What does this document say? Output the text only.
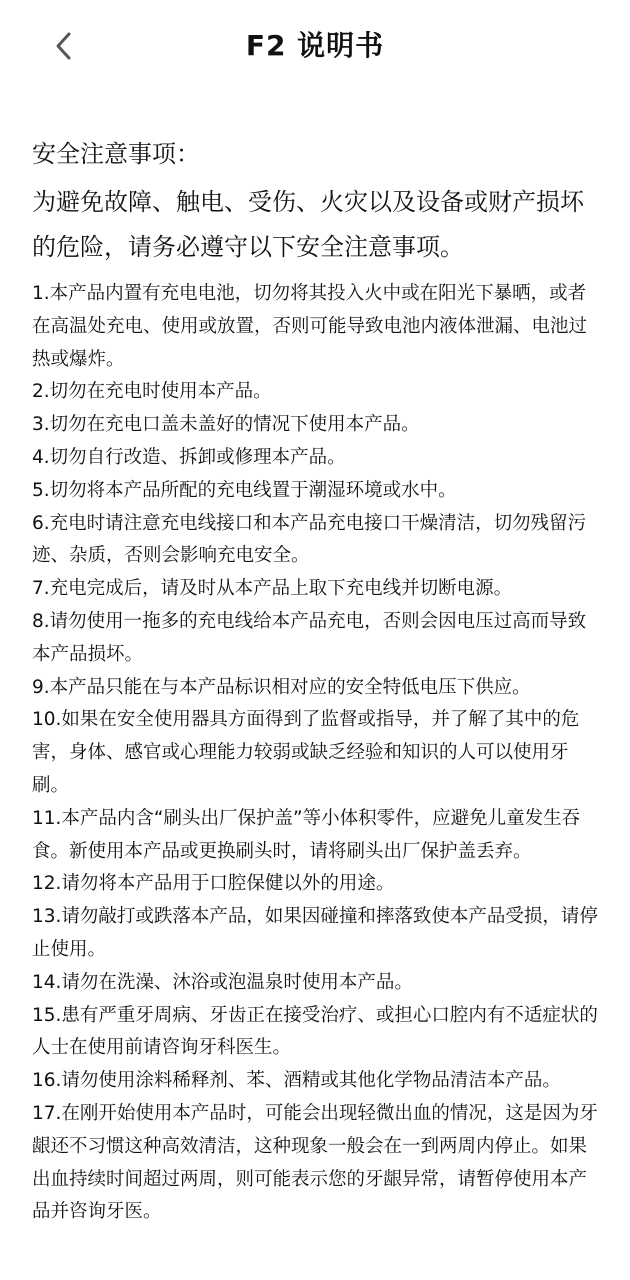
F2 说明书

安全注意事项：

为避免故障、触电、受伤、火灾以及设备或财产损坏的危险，请务必遵守以下安全注意事项。

1.本产品内置有充电电池，切勿将其投入火中或在阳光下暴晒，或者在高温处充电、使用或放置，否则可能导致电池内液体泄漏、电池过热或爆炸。

2.切勿在充电时使用本产品。

3.切勿在充电口盖未盖好的情况下使用本产品。

4.切勿自行改造、拆卸或修理本产品。

5.切勿将本产品所配的充电线置于潮湿环境或水中。

6.充电时请注意充电线接口和本产品充电接口干燥清洁，切勿残留污迹、杂质，否则会影响充电安全。

7.充电完成后，请及时从本产品上取下充电线并切断电源。

8.请勿使用一拖多的充电线给本产品充电，否则会因电压过高而导致本产品损坏。

9.本产品只能在与本产品标识相对应的安全特低电压下供应。

10.如果在安全使用器具方面得到了监督或指导，并了解了其中的危害，身体、感官或心理能力较弱或缺乏经验和知识的人可以使用牙刷。

11.本产品内含“刷头出厂保护盖”等小体积零件，应避免儿童发生吞食。新使用本产品或更换刷头时，请将刷头出厂保护盖丢弃。

12.请勿将本产品用于口腔保健以外的用途。

13.请勿敲打或跌落本产品，如果因碰撞和摔落致使本产品受损，请停止使用。

14.请勿在洗澡、沐浴或泡温泉时使用本产品。

15.患有严重牙周病、牙齿正在接受治疗、或担心口腔内有不适症状的人士在使用前请咨询牙科医生。

16.请勿使用涂料稀释剂、苯、酒精或其他化学物品清洁本产品。

17.在刚开始使用本产品时，可能会出现轻微出血的情况，这是因为牙龈还不习惯这种高效清洁，这种现象一般会在一到两周内停止。如果出血持续时间超过两周，则可能表示您的牙龈异常，请暂停使用本产品并咨询牙医。
